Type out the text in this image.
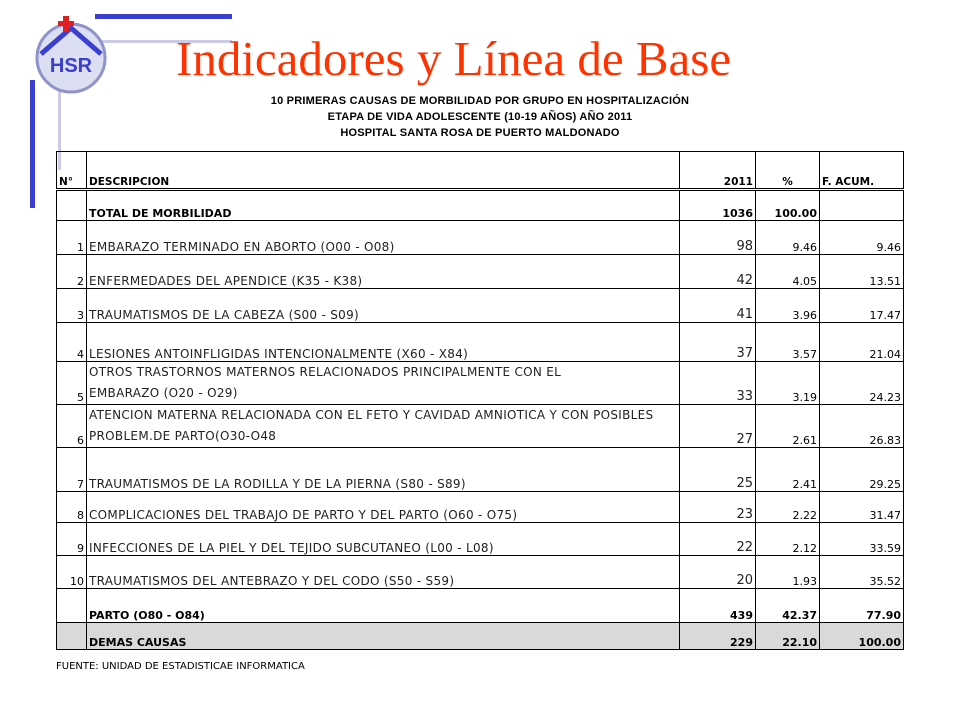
HSR Indicadores y Línea de Base
10 PRIMERAS CAUSAS DE MORBILIDAD POR GRUPO EN HOSPITALIZACIÓN
ETAPA DE VIDA ADOLESCENTE (10-19 AÑOS) AÑO 2011
HOSPITAL SANTA ROSA DE PUERTO MALDONADO
N°	DESCRIPCION	2011	%	F. ACUM.
	TOTAL DE MORBILIDAD	1036	100.00	
1	EMBARAZO TERMINADO EN ABORTO (O00 - O08)	98	9.46	9.46
2	ENFERMEDADES DEL APENDICE (K35 - K38)	42	4.05	13.51
3	TRAUMATISMOS DE LA CABEZA (S00 - S09)	41	3.96	17.47
4	LESIONES ANTOINFLIGIDAS INTENCIONALMENTE (X60 - X84)	37	3.57	21.04
5	OTROS TRASTORNOS MATERNOS RELACIONADOS PRINCIPALMENTE CON EL
EMBARAZO (O20 - O29)	33	3.19	24.23
6	ATENCION MATERNA RELACIONADA CON EL FETO Y CAVIDAD AMNIOTICA Y CON POSIBLES
PROBLEM.DE PARTO(O30-O48	27	2.61	26.83
7	TRAUMATISMOS DE LA RODILLA Y DE LA PIERNA (S80 - S89)	25	2.41	29.25
8	COMPLICACIONES DEL TRABAJO DE PARTO Y DEL PARTO (O60 - O75)	23	2.22	31.47
9	INFECCIONES DE LA PIEL Y DEL TEJIDO SUBCUTANEO (L00 - L08)	22	2.12	33.59
10	TRAUMATISMOS DEL ANTEBRAZO Y DEL CODO (S50 - S59)	20	1.93	35.52
	PARTO (O80 - O84)	439	42.37	77.90
	DEMAS CAUSAS	229	22.10	100.00
FUENTE: UNIDAD DE ESTADISTICAE INFORMATICA
